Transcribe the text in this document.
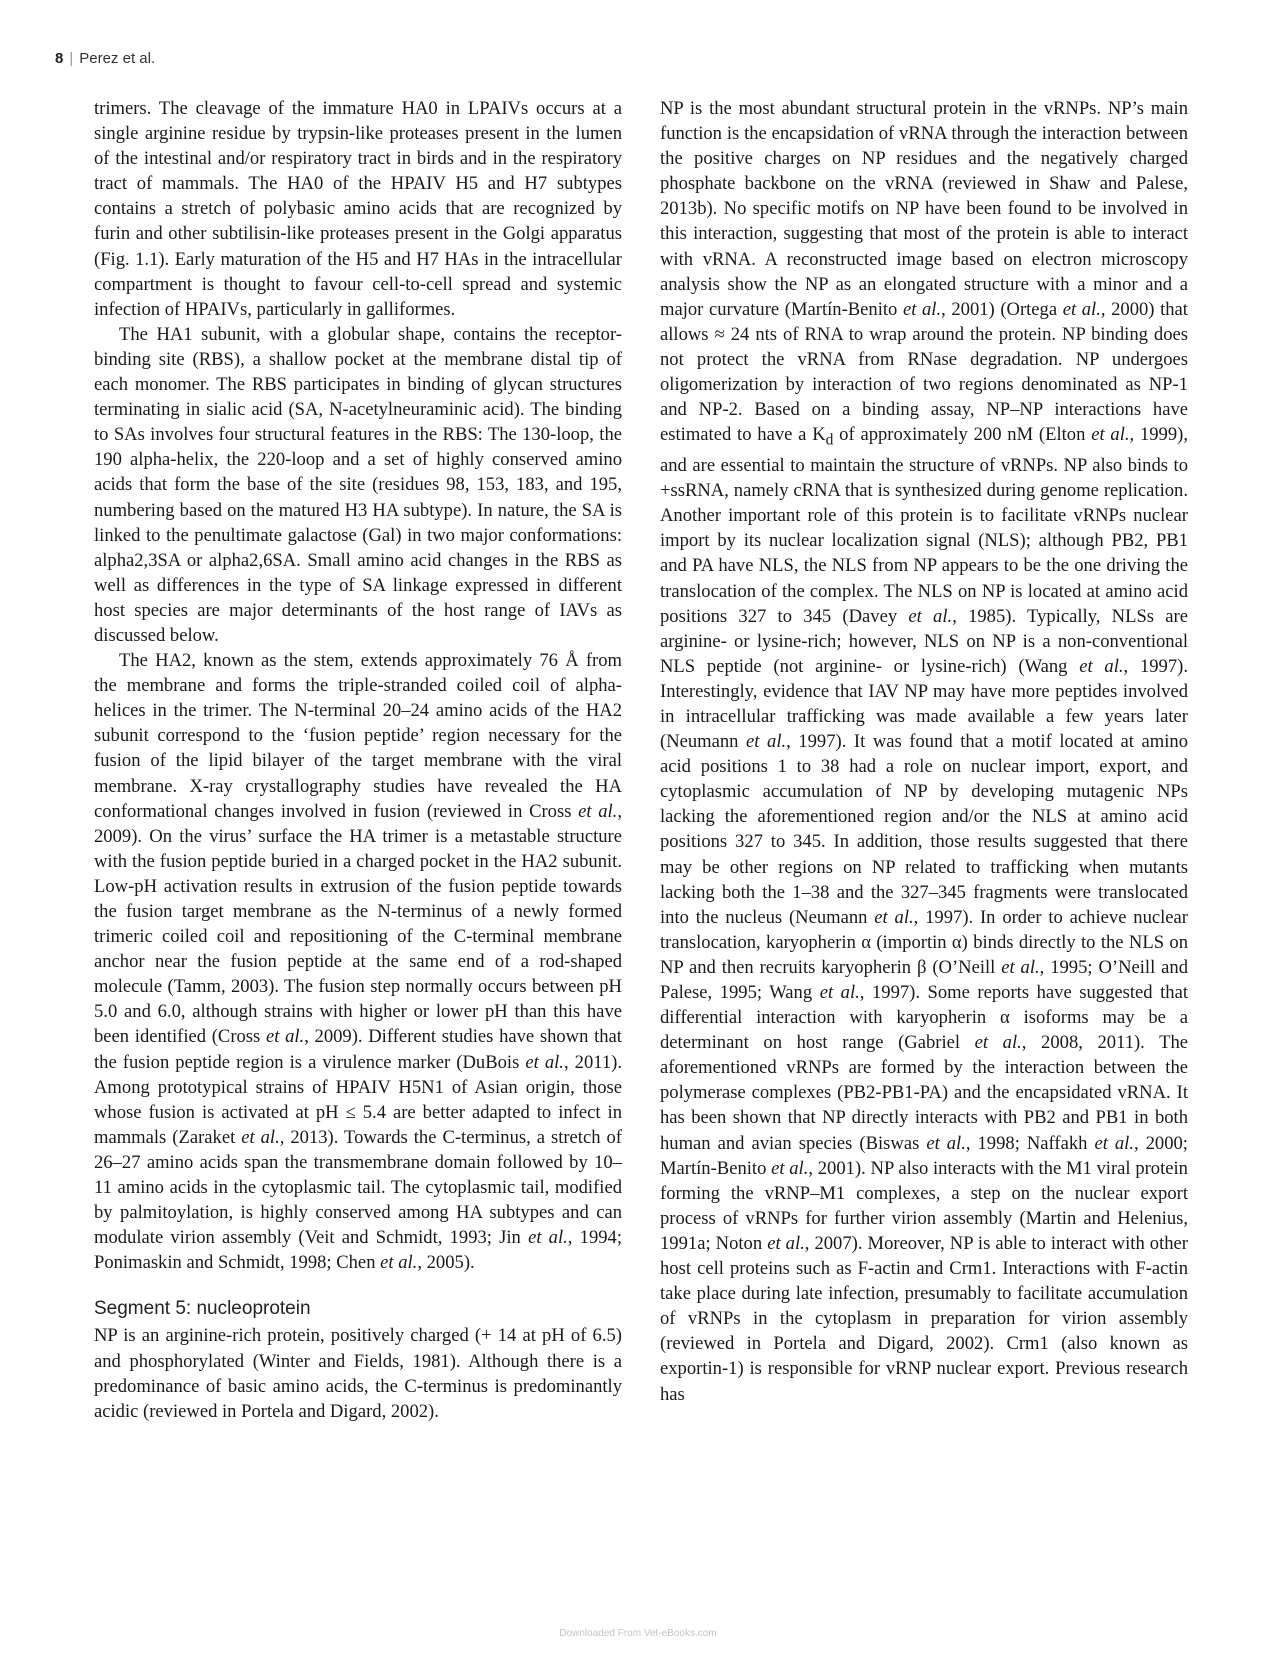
8 | Perez et al.

trimers. The cleavage of the immature HA0 in LPAIVs occurs at a single arginine residue by trypsin-like proteases present in the lumen of the intestinal and/or respiratory tract in birds and in the respiratory tract of mammals. The HA0 of the HPAIV H5 and H7 subtypes contains a stretch of polybasic amino acids that are recognized by furin and other subtilisin-like proteases present in the Golgi apparatus (Fig. 1.1). Early maturation of the H5 and H7 HAs in the intracellular compartment is thought to favour cell-to-cell spread and systemic infection of HPAIVs, particularly in galliformes.

The HA1 subunit, with a globular shape, contains the receptor-binding site (RBS), a shallow pocket at the membrane distal tip of each monomer. The RBS participates in binding of glycan structures terminating in sialic acid (SA, N-acetylneuraminic acid). The binding to SAs involves four structural features in the RBS: The 130-loop, the 190 alpha-helix, the 220-loop and a set of highly conserved amino acids that form the base of the site (residues 98, 153, 183, and 195, numbering based on the matured H3 HA subtype). In nature, the SA is linked to the penultimate galactose (Gal) in two major conformations: alpha2,3SA or alpha2,6SA. Small amino acid changes in the RBS as well as differences in the type of SA linkage expressed in different host species are major determinants of the host range of IAVs as discussed below.

The HA2, known as the stem, extends approximately 76 Å from the membrane and forms the triple-stranded coiled coil of alpha-helices in the trimer. The N-terminal 20–24 amino acids of the HA2 subunit correspond to the ‘fusion peptide’ region necessary for the fusion of the lipid bilayer of the target membrane with the viral membrane. X-ray crystallography studies have revealed the HA conformational changes involved in fusion (reviewed in Cross et al., 2009). On the virus’ surface the HA trimer is a metastable structure with the fusion peptide buried in a charged pocket in the HA2 subunit. Low-pH activation results in extrusion of the fusion peptide towards the fusion target membrane as the N-terminus of a newly formed trimeric coiled coil and repositioning of the C-terminal membrane anchor near the fusion peptide at the same end of a rod-shaped molecule (Tamm, 2003). The fusion step normally occurs between pH 5.0 and 6.0, although strains with higher or lower pH than this have been identified (Cross et al., 2009). Different studies have shown that the fusion peptide region is a virulence marker (DuBois et al., 2011). Among prototypical strains of HPAIV H5N1 of Asian origin, those whose fusion is activated at pH ≤ 5.4 are better adapted to infect in mammals (Zaraket et al., 2013). Towards the C-terminus, a stretch of 26–27 amino acids span the transmembrane domain followed by 10–11 amino acids in the cytoplasmic tail. The cytoplasmic tail, modified by palmitoylation, is highly conserved among HA subtypes and can modulate virion assembly (Veit and Schmidt, 1993; Jin et al., 1994; Ponimaskin and Schmidt, 1998; Chen et al., 2005).

Segment 5: nucleoprotein

NP is an arginine-rich protein, positively charged (+ 14 at pH of 6.5) and phosphorylated (Winter and Fields, 1981). Although there is a predominance of basic amino acids, the C-terminus is predominantly acidic (reviewed in Portela and Digard, 2002).

NP is the most abundant structural protein in the vRNPs. NP’s main function is the encapsidation of vRNA through the interaction between the positive charges on NP residues and the negatively charged phosphate backbone on the vRNA (reviewed in Shaw and Palese, 2013b). No specific motifs on NP have been found to be involved in this interaction, suggesting that most of the protein is able to interact with vRNA. A reconstructed image based on electron microscopy analysis show the NP as an elongated structure with a minor and a major curvature (Martín-Benito et al., 2001) (Ortega et al., 2000) that allows ≈ 24 nts of RNA to wrap around the protein. NP binding does not protect the vRNA from RNase degradation. NP undergoes oligomerization by interaction of two regions denominated as NP-1 and NP-2. Based on a binding assay, NP–NP interactions have estimated to have a $K_d$ of approximately 200 nM (Elton et al., 1999), and are essential to maintain the structure of vRNPs. NP also binds to +ssRNA, namely cRNA that is synthesized during genome replication. Another important role of this protein is to facilitate vRNPs nuclear import by its nuclear localization signal (NLS); although PB2, PB1 and PA have NLS, the NLS from NP appears to be the one driving the translocation of the complex. The NLS on NP is located at amino acid positions 327 to 345 (Davey et al., 1985). Typically, NLSs are arginine- or lysine-rich; however, NLS on NP is a non-conventional NLS peptide (not arginine- or lysine-rich) (Wang et al., 1997). Interestingly, evidence that IAV NP may have more peptides involved in intracellular trafficking was made available a few years later (Neumann et al., 1997). It was found that a motif located at amino acid positions 1 to 38 had a role on nuclear import, export, and cytoplasmic accumulation of NP by developing mutagenic NPs lacking the aforementioned region and/or the NLS at amino acid positions 327 to 345. In addition, those results suggested that there may be other regions on NP related to trafficking when mutants lacking both the 1–38 and the 327–345 fragments were translocated into the nucleus (Neumann et al., 1997). In order to achieve nuclear translocation, karyopherin α (importin α) binds directly to the NLS on NP and then recruits karyopherin β (O’Neill et al., 1995; O’Neill and Palese, 1995; Wang et al., 1997). Some reports have suggested that differential interaction with karyopherin α isoforms may be a determinant on host range (Gabriel et al., 2008, 2011). The aforementioned vRNPs are formed by the interaction between the polymerase complexes (PB2-PB1-PA) and the encapsidated vRNA. It has been shown that NP directly interacts with PB2 and PB1 in both human and avian species (Biswas et al., 1998; Naffakh et al., 2000; Martín-Benito et al., 2001). NP also interacts with the M1 viral protein forming the vRNP–M1 complexes, a step on the nuclear export process of vRNPs for further virion assembly (Martin and Helenius, 1991a; Noton et al., 2007). Moreover, NP is able to interact with other host cell proteins such as F-actin and Crm1. Interactions with F-actin take place during late infection, presumably to facilitate accumulation of vRNPs in the cytoplasm in preparation for virion assembly (reviewed in Portela and Digard, 2002). Crm1 (also known as exportin-1) is responsible for vRNP nuclear export. Previous research has

Downloaded From Vet-eBooks.com
